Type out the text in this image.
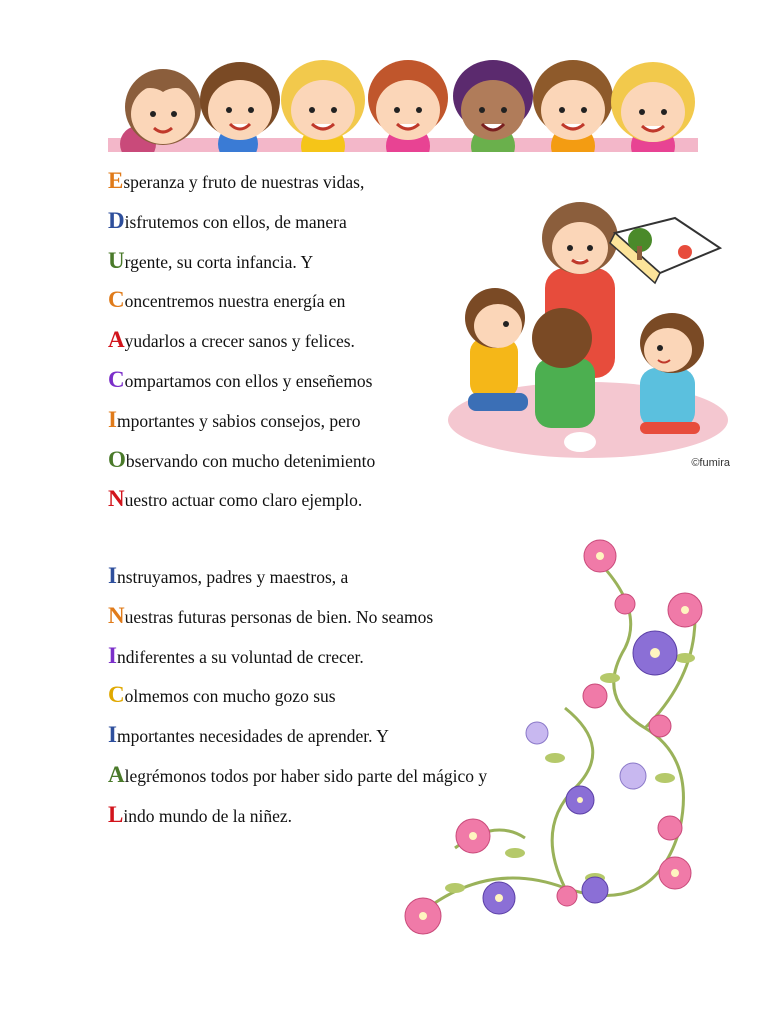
©fumira
Esperanza y fruto de nuestras vidas,
Disfrutemos con ellos, de manera
Urgente, su corta infancia. Y
Concentremos nuestra energía en
Ayudarlos a crecer sanos y felices.
Compartamos con ellos y enseñemos
Importantes y sabios consejos, pero
Observando con mucho detenimiento
Nuestro actuar como claro ejemplo.
Instruyamos, padres y maestros, a
Nuestras futuras personas de bien. No seamos
Indiferentes a su voluntad de crecer.
Colmemos con mucho gozo sus
Importantes necesidades de aprender. Y
Alegrémonos todos por haber sido parte del mágico y
Lindo mundo de la niñez.
